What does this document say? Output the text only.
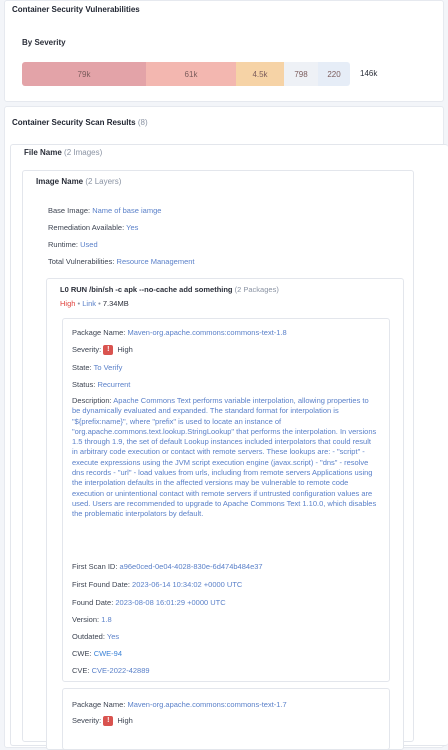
Container Security Vulnerabilities
By Severity
79k	61k	4.5k	798 220 146k
Container Security Scan Results (8)
File Name (2 Images)
Image Name (2 Layers)
Base Image: Name of base iamge
Remediation Available: Yes
Runtime: Used
Total Vulnerabilities: Resource Management
L0 RUN /bin/sh -c apk --no-cache add something (2 Packages)
High • Link • 7.34MB
Package Name: Maven-org.apache.commons:commons-text-1.8
Severity: ! High
State: To Verify
Status: Recurrent
Description: Apache Commons Text performs variable interpolation, allowing properties to be dynamically evaluated and expanded. The standard format for interpolation is "${prefix:name}", where "prefix" is used to locate an instance of "org.apache.commons.text.lookup.StringLookup" that performs the interpolation. In versions 1.5 through 1.9, the set of default Lookup instances included interpolators that could result in arbitrary code execution or contact with remote servers. These lookups are: - "script" - execute expressions using the JVM script execution engine (javax.script) - "dns" - resolve dns records - "url" - load values from urls, including from remote servers Applications using the interpolation defaults in the affected versions may be vulnerable to remote code execution or unintentional contact with remote servers if untrusted configuration values are used. Users are recommended to upgrade to Apache Commons Text 1.10.0, which disables the problematic interpolators by default.
First Scan ID: a96e0ced-0e04-4028-830e-6d474b484e37
First Found Date: 2023-06-14 10:34:02 +0000 UTC
Found Date: 2023-08-08 16:01:29 +0000 UTC
Version: 1.8
Outdated: Yes
CWE: CWE-94
CVE: CVE-2022-42889
Package Name: Maven-org.apache.commons:commons-text-1.7
Severity: ! High
